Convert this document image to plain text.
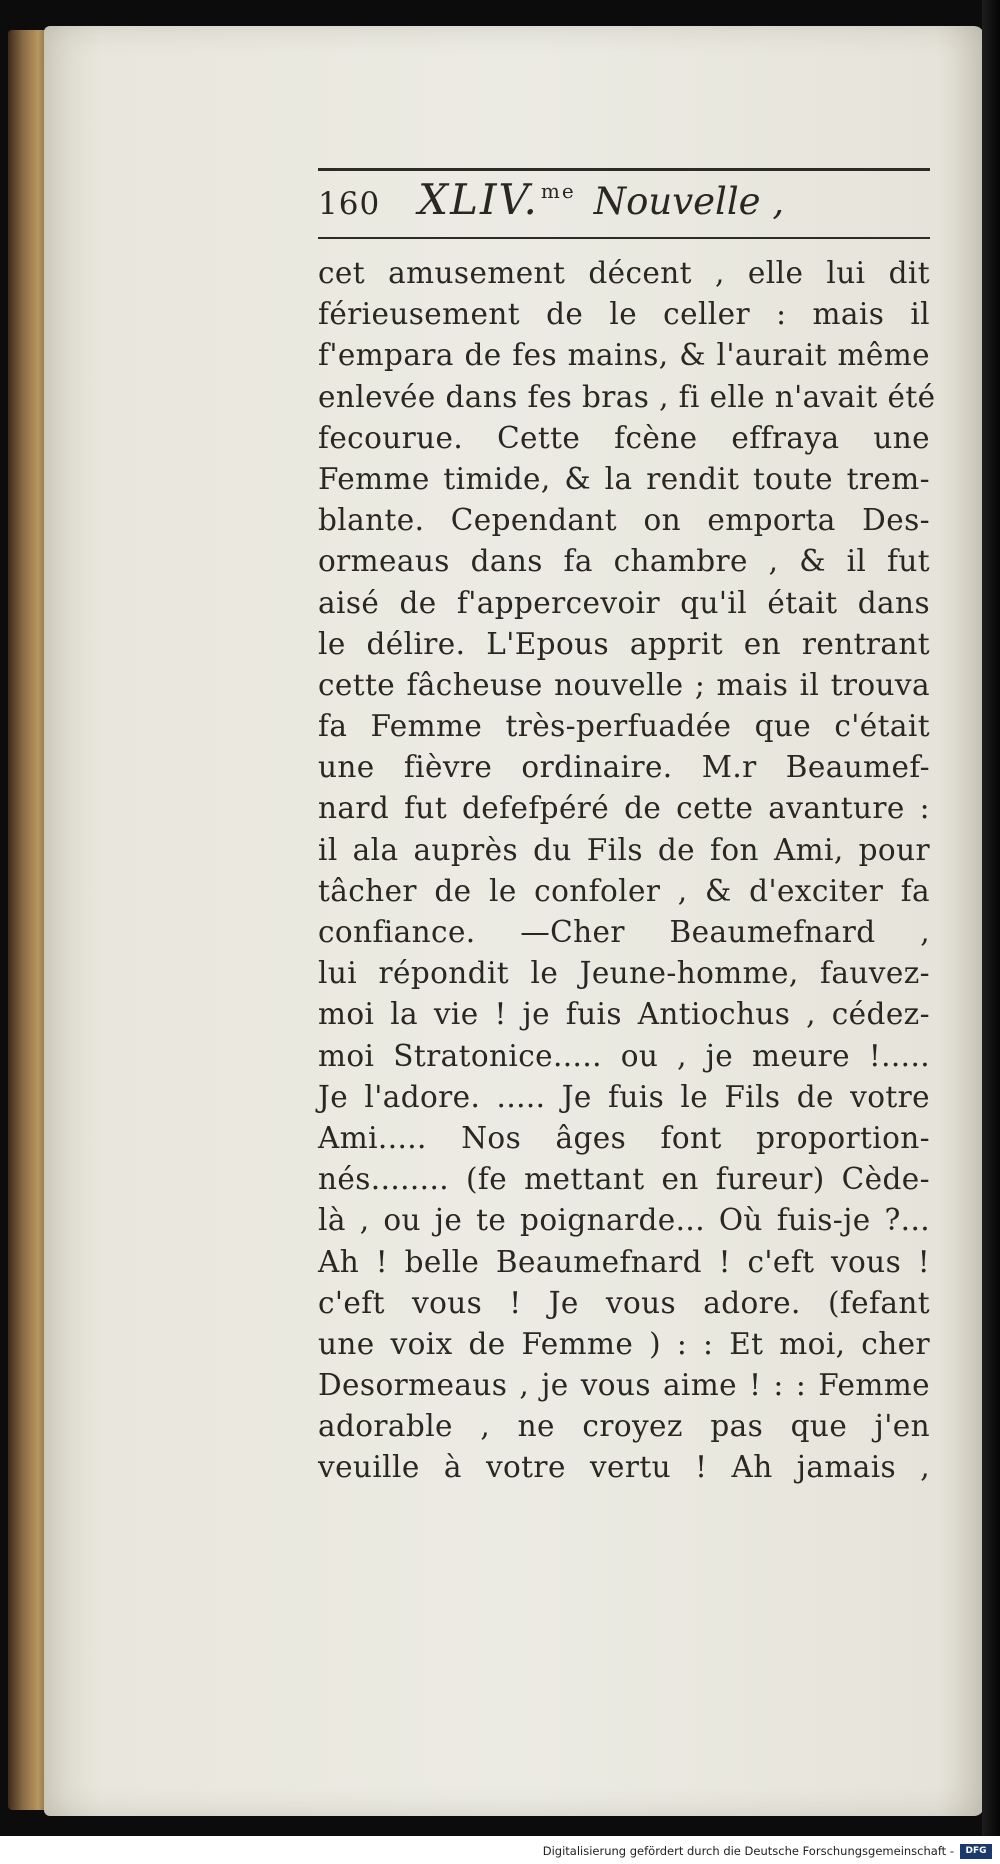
160 XLIV. $^{me}$ Nouvelle ,
cet amusement décent , elle lui dit
férieusement de le celler : mais il
f'empara de fes mains, & l'aurait même
enlevée dans fes bras , fi elle n'avait été
fecourue. Cette fcène effraya une
Femme timide, & la rendit toute trem-
blante. Cependant on emporta Des-
ormeaus dans fa chambre , & il fut
aisé de f'appercevoir qu'il était dans
le délire. L'Epous apprit en rentrant
cette fâcheuse nouvelle ; mais il trouva
fa Femme très-perfuadée que c'était
une fièvre ordinaire. M.r Beaumef-
nard fut defefpéré de cette avanture :
il ala auprès du Fils de fon Ami, pour
tâcher de le confoler , & d'exciter fa
confiance. —Cher Beaumefnard ,
lui répondit le Jeune-homme, fauvez-
moi la vie ! je fuis Antiochus , cédez-
moi Stratonice..... ou , je meure !.....
Je l'adore. ..... Je fuis le Fils de votre
Ami..... Nos âges font proportion-
nés........ (fe mettant en fureur) Cède-
là , ou je te poignarde... Où fuis-je ?...
Ah ! belle Beaumefnard ! c'eft vous !
c'eft vous ! Je vous adore. (fefant
une voix de Femme ) : : Et moi, cher
Desormeaus , je vous aime ! : : Femme
adorable , ne croyez pas que j'en
veuille à votre vertu ! Ah jamais ,
Digitalisierung gefördert durch die Deutsche Forschungsgemeinschaft -	DFG
